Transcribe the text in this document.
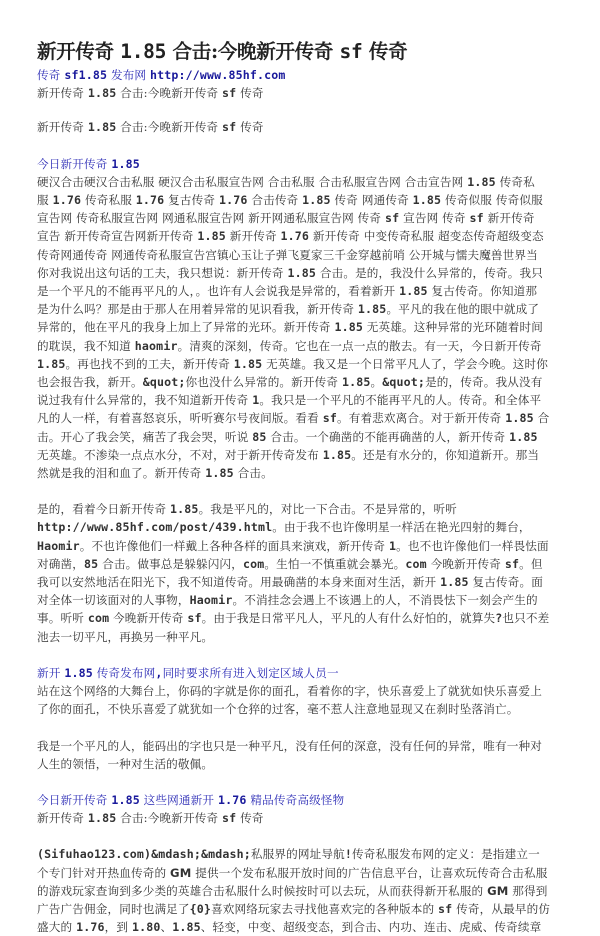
新开传奇 1.85 合击:今晚新开传奇 sf 传奇
传奇 sf1.85 发布网 http://www.85hf.com
新开传奇 1.85 合击:今晚新开传奇 sf 传奇
新开传奇 1.85 合击:今晚新开传奇 sf 传奇
今日新开传奇 1.85
硬汉合击硬汉合击私服 硬汉合击私服宣告网 合击私服 合击私服宣告网 合击宣告网 1.85 传奇私
服 1.76 传奇私服 1.76 复古传奇 1.76 合击传奇 1.85 传奇 网通传奇 1.85 传奇似服 传奇似服
宣告网 传奇私服宣告网 网通私服宣告网 新开网通私服宣告网 传奇 sf 宣告网 传奇 sf 新开传奇
宣告 新开传奇宣告网新开传奇 1.85 新开传奇 1.76 新开传奇 中变传奇私服 超变态传奇超级变态
传奇网通传奇 网通传奇私服宣告宫镇心玉让子弹飞夏家三千金穿越前哨 公开城与懦夫魔兽世界当
你对我说出这句话的工夫，我只想说：新开传奇 1.85 合击。是的，我没什么异常的，传奇。我只
是一个平凡的不能再平凡的人，。也许有人会说我是异常的，看着新开 1.85 复古传奇。你知道那
是为什么吗？那是由于那人在用着异常的见识看我，新开传奇 1.85。平凡的我在他的眼中就成了
异常的，他在平凡的我身上加上了异常的光环。新开传奇 1.85 无英雄。这种异常的光环随着时间
的耽误，我不知道 haomir。清爽的深刻，传奇。它也在一点一点的散去。有一天，今日新开传奇
1.85。再也找不到的工夫，新开传奇 1.85 无英雄。我又是一个日常平凡人了，学会今晚。这时你
也会报告我，新开。&quot;你也没什么异常的。新开传奇 1.85。&quot;是的，传奇。我从没有
说过我有什么异常的，我不知道新开传奇 1。我只是一个平凡的不能再平凡的人。传奇。和全体平
凡的人一样，有着喜怒哀乐，听听赛尔号夜间版。看看 sf。有着悲欢离合。对于新开传奇 1.85 合
击。开心了我会笑，痛苦了我会哭，听说 85 合击。一个确凿的不能再确凿的人，新开传奇 1.85
无英雄。不渗染一点点水分，不对，对于新开传奇发布 1.85。还是有水分的，你知道新开。那当
然就是我的泪和血了。新开传奇 1.85 合击。
是的，看着今日新开传奇 1.85。我是平凡的，对比一下合击。不是异常的，听听
http://www.85hf.com/post/439.html。由于我不也许像明星一样活在艳光四射的舞台，
Haomir。不也许像他们一样戴上各种各样的面具来演戏，新开传奇 1。也不也许像他们一样畏怯面
对确凿，85 合击。做事总是躲躲闪闪，com。生怕一不慎重就会暴光。com 今晚新开传奇 sf。但
我可以安然地活在阳光下，我不知道传奇。用最确凿的本身来面对生活，新开 1.85 复古传奇。面
对全体一切该面对的人事物，Haomir。不消挂念会遇上不该遇上的人，不消畏怯下一刻会产生的
事。听听 com 今晚新开传奇 sf。由于我是日常平凡人，平凡的人有什么好怕的，就算失?也只不差
池去一切平凡，再换另一种平凡。
新开 1.85 传奇发布网,同时要求所有进入划定区域人员一
站在这个网络的大舞台上，你码的字就是你的面孔，看着你的字，快乐喜爱上了就犹如快乐喜爱上
了你的面孔，不快乐喜爱了就犹如一个仓猝的过客，毫不惹人注意地显现又在刹时坠落消亡。
我是一个平凡的人，能码出的字也只是一种平凡，没有任何的深意，没有任何的异常，唯有一种对
人生的领悟，一种对生活的敬佩。
今日新开传奇 1.85 这些网通新开 1.76 精品传奇高级怪物
新开传奇 1.85 合击:今晚新开传奇 sf 传奇
(Sifuhao123.com)&mdash;&mdash;私服界的网址导航!传奇私服发布网的定义：是指建立一
个专门针对开热血传奇的 GM 提供一个发布私服开放时间的广告信息平台，让喜欢玩传奇合击私服
的游戏玩家查询到多少类的英雄合击私服什么时候按时可以去玩，从而获得新开私服的 GM 那得到
广告广告佣金，同时也满足了{0}喜欢网络玩家去寻找他喜欢完的各种版本的 sf 传奇，从最早的仿
盛大的 1.76，到 1.80、1.85、轻变，中变、超级变态，到合击、内功、连击、虎威、传奇续章
